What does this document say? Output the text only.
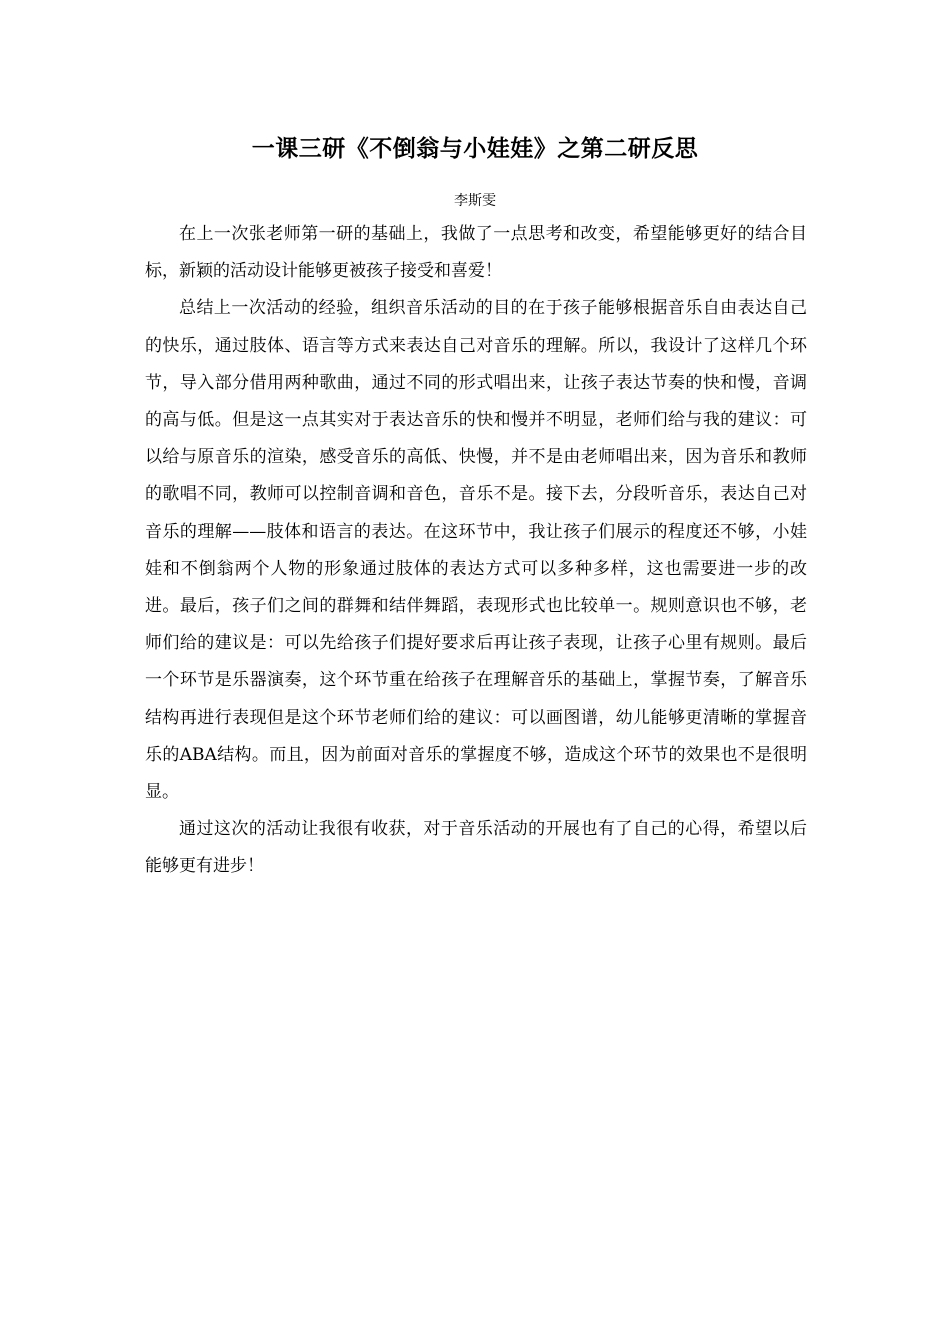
一课三研《不倒翁与小娃娃》之第二研反思
李斯雯

在上一次张老师第一研的基础上，我做了一点思考和改变，希望能够更好的结合目标，新颖的活动设计能够更被孩子接受和喜爱！

总结上一次活动的经验，组织音乐活动的目的在于孩子能够根据音乐自由表达自己的快乐，通过肢体、语言等方式来表达自己对音乐的理解。所以，我设计了这样几个环节，导入部分借用两种歌曲，通过不同的形式唱出来，让孩子表达节奏的快和慢，音调的高与低。但是这一点其实对于表达音乐的快和慢并不明显，老师们给与我的建议：可以给与原音乐的渲染，感受音乐的高低、快慢，并不是由老师唱出来，因为音乐和教师的歌唱不同，教师可以控制音调和音色，音乐不是。接下去，分段听音乐，表达自己对音乐的理解——肢体和语言的表达。在这环节中，我让孩子们展示的程度还不够，小娃娃和不倒翁两个人物的形象通过肢体的表达方式可以多种多样，这也需要进一步的改进。最后，孩子们之间的群舞和结伴舞蹈，表现形式也比较单一。规则意识也不够，老师们给的建议是：可以先给孩子们提好要求后再让孩子表现，让孩子心里有规则。最后一个环节是乐器演奏，这个环节重在给孩子在理解音乐的基础上，掌握节奏，了解音乐结构再进行表现但是这个环节老师们给的建议：可以画图谱，幼儿能够更清晰的掌握音乐的ABA结构。而且，因为前面对音乐的掌握度不够，造成这个环节的效果也不是很明显。

通过这次的活动让我很有收获，对于音乐活动的开展也有了自己的心得，希望以后能够更有进步！
